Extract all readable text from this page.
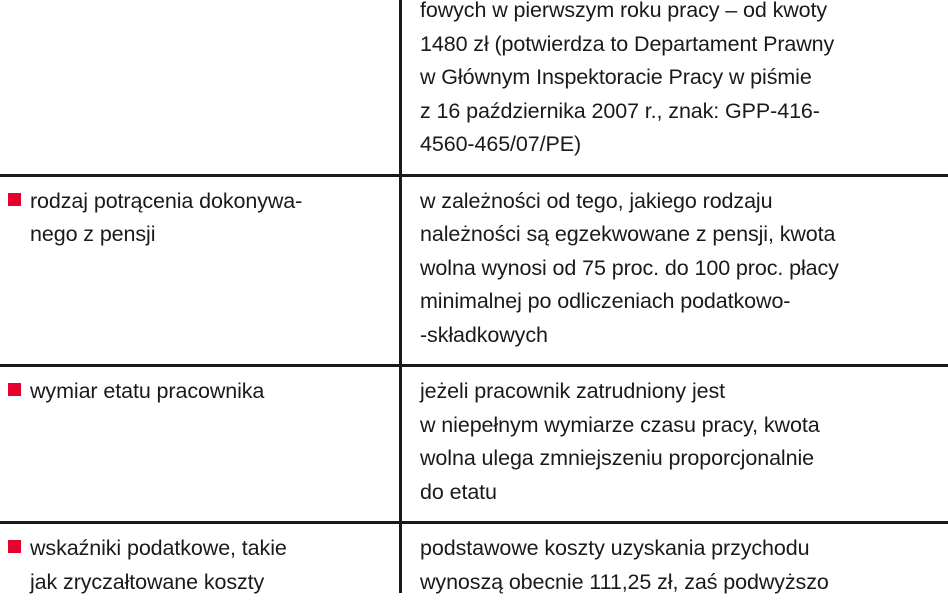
fowych w pierwszym roku pracy – od kwoty
1480 zł (potwierdza to Departament Prawny
w Głównym Inspektoracie Pracy w piśmie
z 16 października 2007 r., znak: GPP-416-
4560-465/07/PE)
rodzaj potrącenia dokonywa-
nego z pensji
w zależności od tego, jakiego rodzaju
należności są egzekwowane z pensji, kwota
wolna wynosi od 75 proc. do 100 proc. płacy
minimalnej po odliczeniach podatkowo-
-składkowych
wymiar etatu pracownika	jeżeli pracownik zatrudniony jest
w niepełnym wymiarze czasu pracy, kwota
wolna ulega zmniejszeniu proporcjonalnie
do etatu
wskaźniki podatkowe, takie
jak zryczałtowane koszty
podstawowe koszty uzyskania przychodu
wynoszą obecnie 111,25 zł, zaś podwyższo
